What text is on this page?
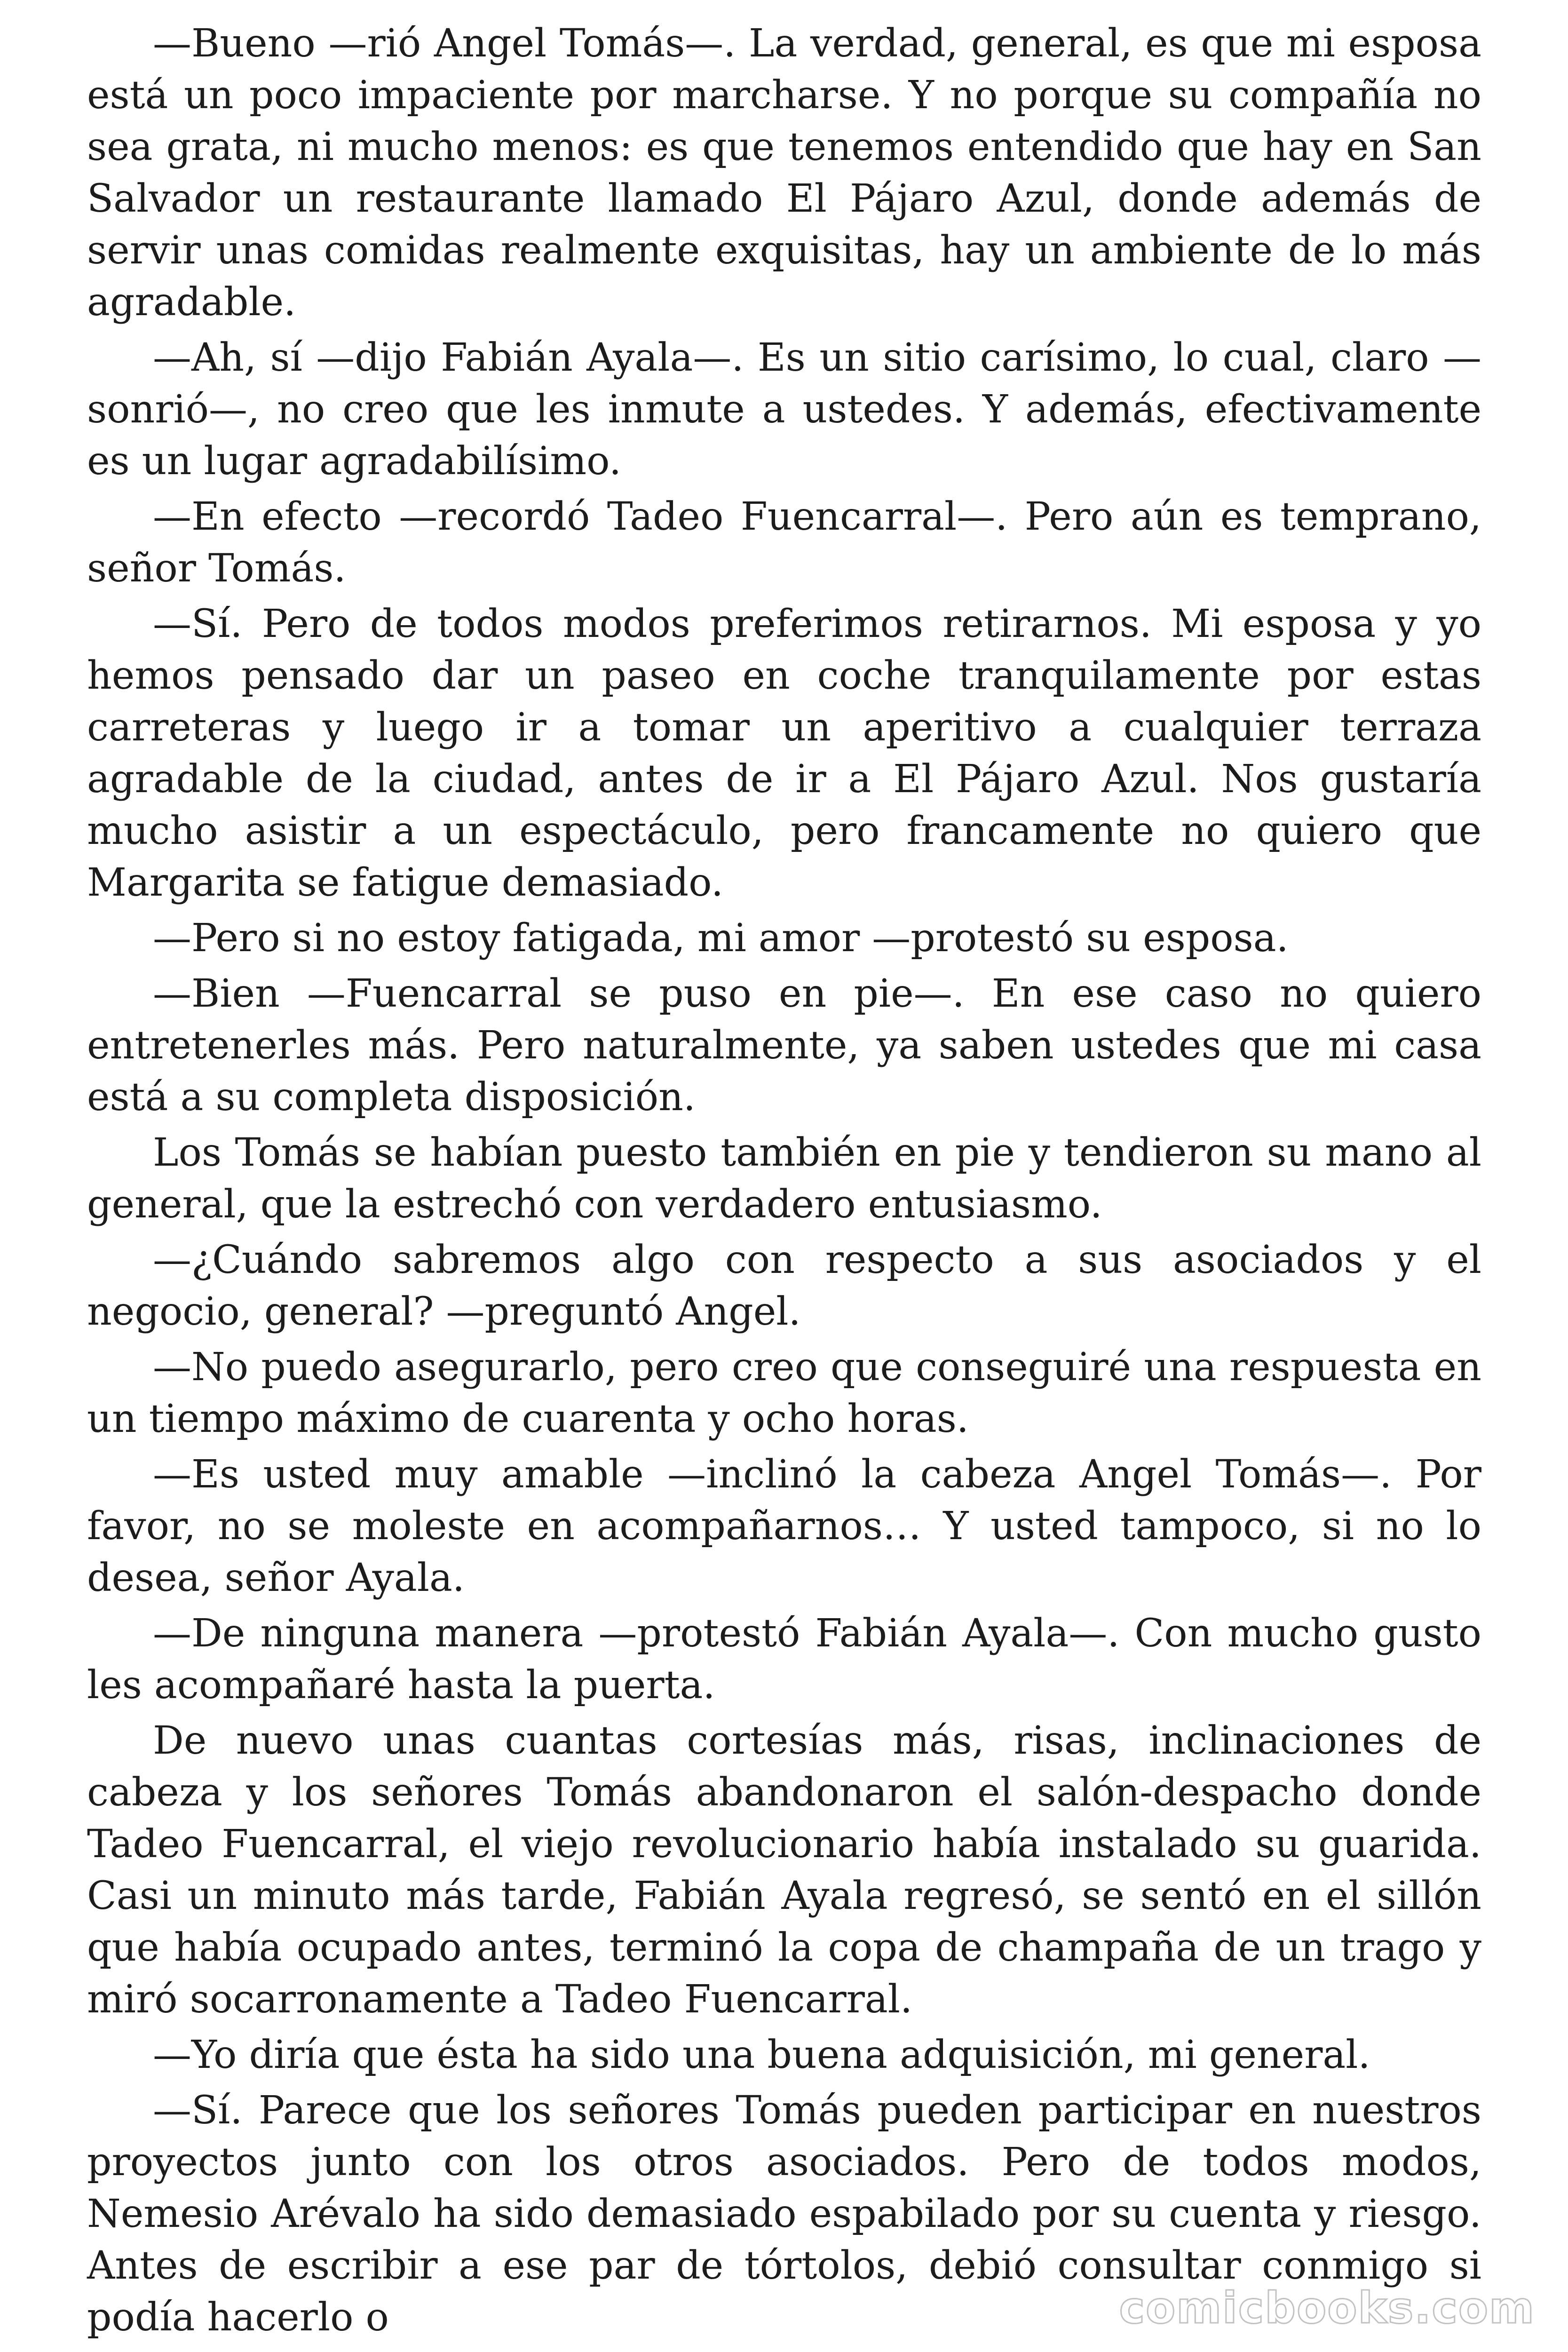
—Bueno —rió Angel Tomás—. La verdad, general, es que mi esposa está un poco impaciente por marcharse. Y no porque su compañía no sea grata, ni mucho menos: es que tenemos entendido que hay en San Salvador un restaurante llamado El Pájaro Azul, donde además de servir unas comidas realmente exquisitas, hay un ambiente de lo más agradable.

—Ah, sí —dijo Fabián Ayala—. Es un sitio carísimo, lo cual, claro —sonrió—, no creo que les inmute a ustedes. Y además, efectivamente es un lugar agradabilísimo.

—En efecto —recordó Tadeo Fuencarral—. Pero aún es temprano, señor Tomás.

—Sí. Pero de todos modos preferimos retirarnos. Mi esposa y yo hemos pensado dar un paseo en coche tranquilamente por estas carreteras y luego ir a tomar un aperitivo a cualquier terraza agradable de la ciudad, antes de ir a El Pájaro Azul. Nos gustaría mucho asistir a un espectáculo, pero francamente no quiero que Margarita se fatigue demasiado.

—Pero si no estoy fatigada, mi amor —protestó su esposa.

—Bien —Fuencarral se puso en pie—. En ese caso no quiero entretenerles más. Pero naturalmente, ya saben ustedes que mi casa está a su completa disposición.

Los Tomás se habían puesto también en pie y tendieron su mano al general, que la estrechó con verdadero entusiasmo.

—¿Cuándo sabremos algo con respecto a sus asociados y el negocio, general? —preguntó Angel.

—No puedo asegurarlo, pero creo que conseguiré una respuesta en un tiempo máximo de cuarenta y ocho horas.

—Es usted muy amable —inclinó la cabeza Angel Tomás—. Por favor, no se moleste en acompañarnos… Y usted tampoco, si no lo desea, señor Ayala.

—De ninguna manera —protestó Fabián Ayala—. Con mucho gusto les acompañaré hasta la puerta.

De nuevo unas cuantas cortesías más, risas, inclinaciones de cabeza y los señores Tomás abandonaron el salón-despacho donde Tadeo Fuencarral, el viejo revolucionario había instalado su guarida. Casi un minuto más tarde, Fabián Ayala regresó, se sentó en el sillón que había ocupado antes, terminó la copa de champaña de un trago y miró socarronamente a Tadeo Fuencarral.

—Yo diría que ésta ha sido una buena adquisición, mi general.

—Sí. Parece que los señores Tomás pueden participar en nuestros proyectos junto con los otros asociados. Pero de todos modos, Nemesio Arévalo ha sido demasiado espabilado por su cuenta y riesgo. Antes de escribir a ese par de tórtolos, debió consultar conmigo si podía hacerlo o	comicbooks.com
